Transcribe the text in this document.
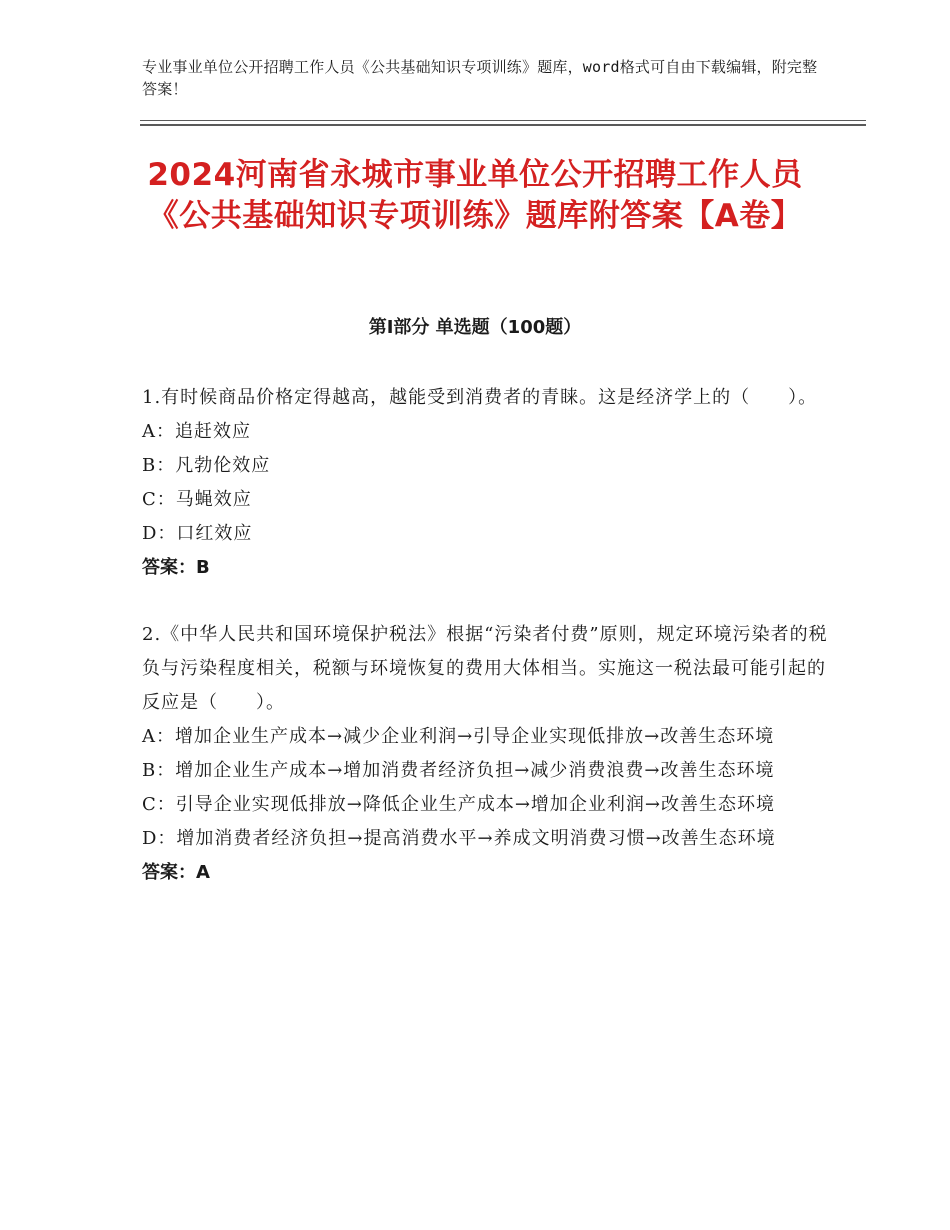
专业事业单位公开招聘工作人员《公共基础知识专项训练》题库，word格式可自由下载编辑，附完整答案！
2024河南省永城市事业单位公开招聘工作人员《公共基础知识专项训练》题库附答案【A卷】
第Ⅰ部分 单选题（100题）
1.有时候商品价格定得越高，越能受到消费者的青睐。这是经济学上的（　　）。
A：追赶效应
B：凡勃伦效应
C：马蝇效应
D：口红效应
答案：B
2.《中华人民共和国环境保护税法》根据“污染者付费”原则，规定环境污染者的税负与污染程度相关，税额与环境恢复的费用大体相当。实施这一税法最可能引起的反应是（　　）。
A：增加企业生产成本→减少企业利润→引导企业实现低排放→改善生态环境
B：增加企业生产成本→增加消费者经济负担→减少消费浪费→改善生态环境
C：引导企业实现低排放→降低企业生产成本→增加企业利润→改善生态环境
D：增加消费者经济负担→提高消费水平→养成文明消费习惯→改善生态环境
答案：A
